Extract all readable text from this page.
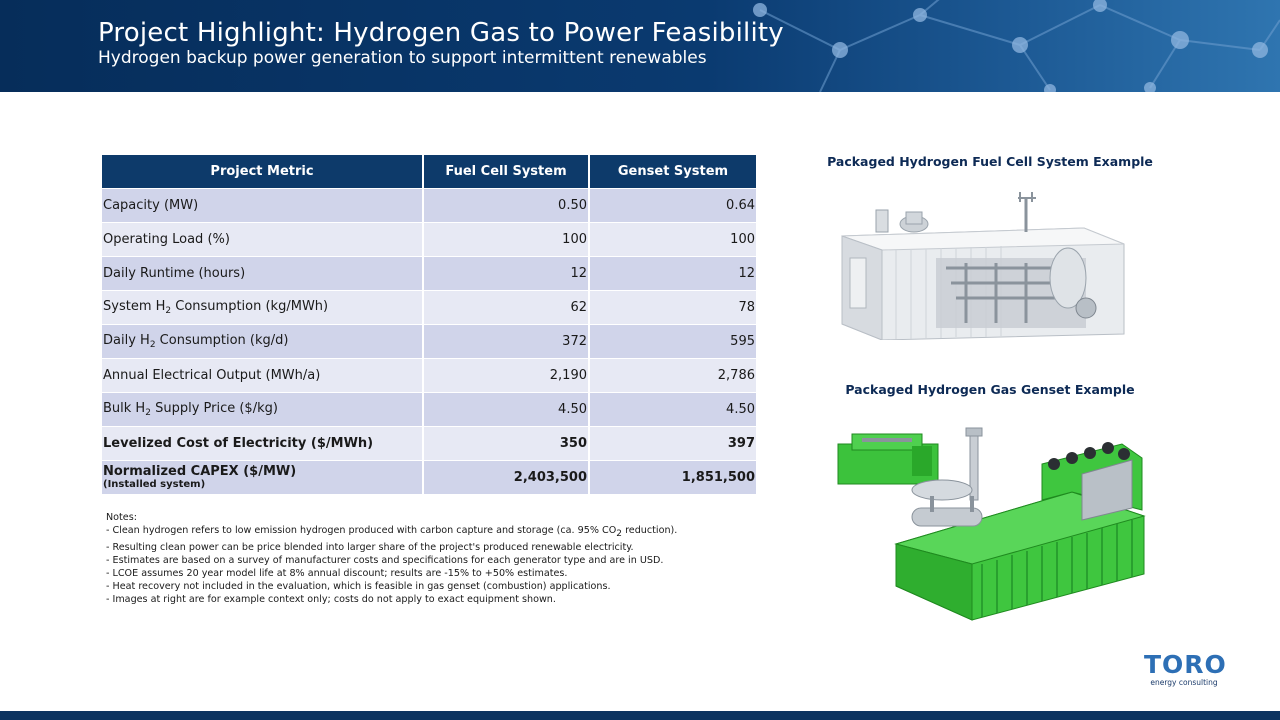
Project Highlight: Hydrogen Gas to Power Feasibility
Hydrogen backup power generation to support intermittent renewables
Project Metric	Fuel Cell System	Genset System
Capacity (MW)	0.50	0.64
Operating Load (%)	100	100
Daily Runtime (hours)	12	12
System $H_2$ Consumption (kg/MWh)	62	78
Daily $H_2$ Consumption (kg/d)	372	595
Annual Electrical Output (MWh/a)	2,190	2,786
Bulk $H_2$ Supply Price ($/kg)	4.50	4.50
Levelized Cost of Electricity ($/MWh)	350	397

Normalized CAPEX ($/MW)
(Installed system)	2,403,500	1,851,500
Notes:
- Clean hydrogen refers to low emission hydrogen produced with carbon capture and storage (ca. 95% $CO_2$ reduction).
- Resulting clean power can be price blended into larger share of the project's produced renewable electricity.
- Estimates are based on a survey of manufacturer costs and specifications for each generator type and are in USD.
- LCOE assumes 20 year model life at 8% annual discount; results are -15% to +50% estimates.
- Heat recovery not included in the evaluation, which is feasible in gas genset (combustion) applications.
- Images at right are for example context only; costs do not apply to exact equipment shown.
Packaged Hydrogen Fuel Cell System Example
Packaged Hydrogen Gas Genset Example
TORO
energy consulting
